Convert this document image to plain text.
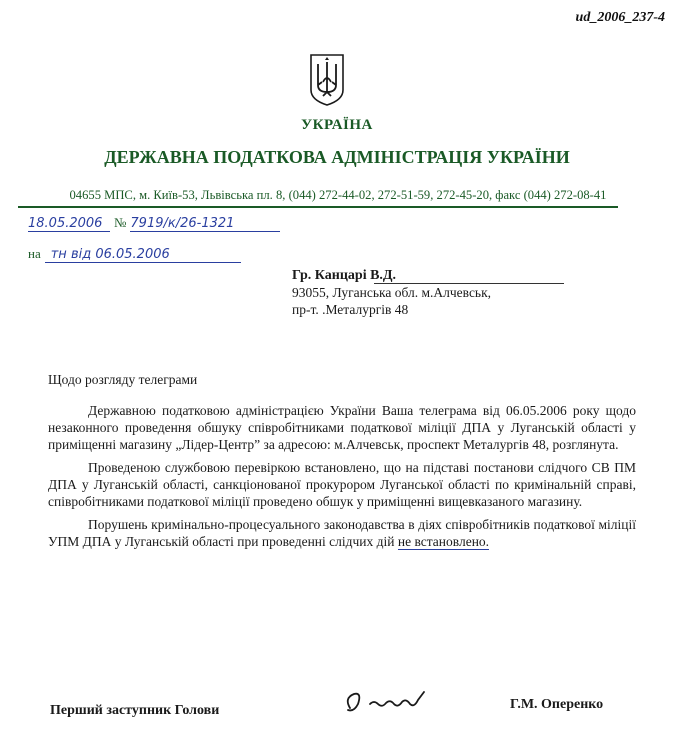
ud_2006_237-4
УКРАЇНА
ДЕРЖАВНА ПОДАТКОВА АДМІНІСТРАЦІЯ УКРАЇНИ
04655 МПС, м. Київ-53, Львівська пл. 8, (044) 272-44-02, 272-51-59, 272-45-20, факс (044) 272-08-41
18.05.2006 № 7919/к/26-1321
на тн від 06.05.2006
Гр. Канцарі В.Д.
93055, Луганська обл. м.Алчевськ,
пр-т. .Металургів 48
Щодо розгляду телеграми

Державною податковою адміністрацією України Ваша телеграма від 06.05.2006 року щодо незаконного проведення обшуку співробітниками податкової міліції ДПА у Луганській області у приміщенні магазину „Лідер-Центр” за адресою: м.Алчевськ, проспект Металургів 48, розглянута.

Проведеною службовою перевіркою встановлено, що на підставі постанови слідчого СВ ПМ ДПА у Луганській області, санкціонованої прокурором Луганської області по кримінальній справі, співробітниками податкової міліції проведено обшук у приміщенні вищевказаного магазину.

Порушень кримінально-процесуального законодавства в діях співробітників податкової міліції УПМ ДПА у Луганській області при проведенні слідчих дій не встановлено.

Перший заступник Голови	Г.М. Оперенко
